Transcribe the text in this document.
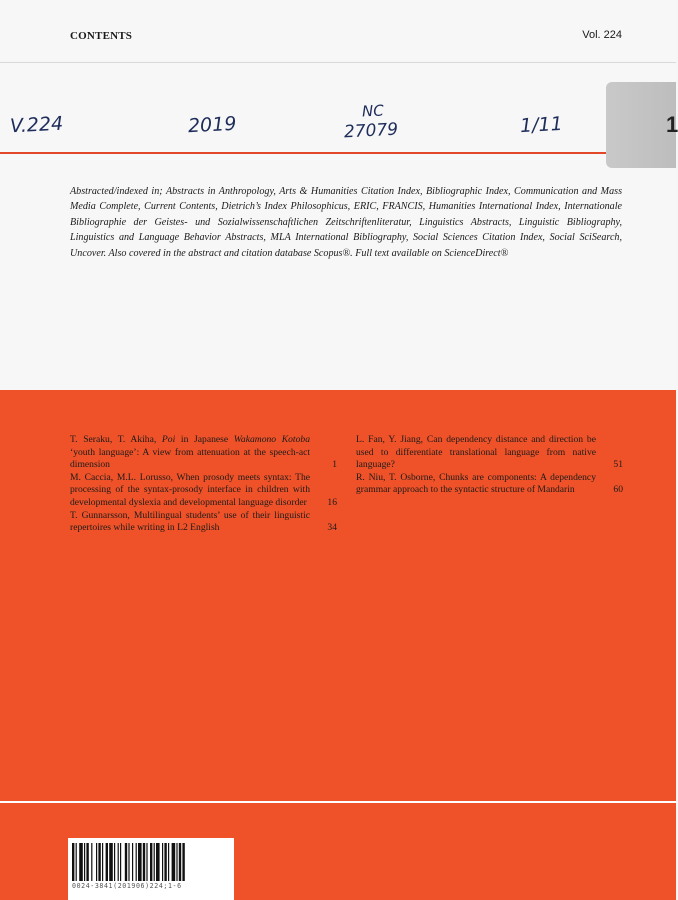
CONTENTS	Vol. 224
1
V.224	2019
NC
27079	1/11
Abstracted/indexed in; Abstracts in Anthropology, Arts & Humanities Citation Index, Bibliographic Index, Communication and Mass Media Complete, Current Contents, Dietrich’s Index Philosophicus, ERIC, FRANCIS, Humanities International Index, Internationale Bibliographie der Geistes- und Sozialwissenschaftlichen Zeitschriftenliteratur, Linguistics Abstracts, Linguistic Bibliography, Linguistics and Language Behavior Abstracts, MLA International Bibliography, Social Sciences Citation Index, Social SciSearch, Uncover. Also covered in the abstract and citation database Scopus®. Full text available on ScienceDirect®
T. Seraku, T. Akiha, Poi in Japanese Wakamono Kotoba ‘youth language’: A view from attenuation at the speech-act dimension	1
M. Caccia, M.L. Lorusso, When prosody meets syntax: The processing of the syntax-prosody interface in children with developmental dyslexia and developmental language disorder	16
T. Gunnarsson, Multilingual students’ use of their linguistic repertoires while writing in L2 English	34
L. Fan, Y. Jiang, Can dependency distance and direction be used to differentiate translational language from native language?	51
R. Niu, T. Osborne, Chunks are components: A dependency grammar approach to the syntactic structure of Mandarin	60
0024-3841(201906)224;1-6
